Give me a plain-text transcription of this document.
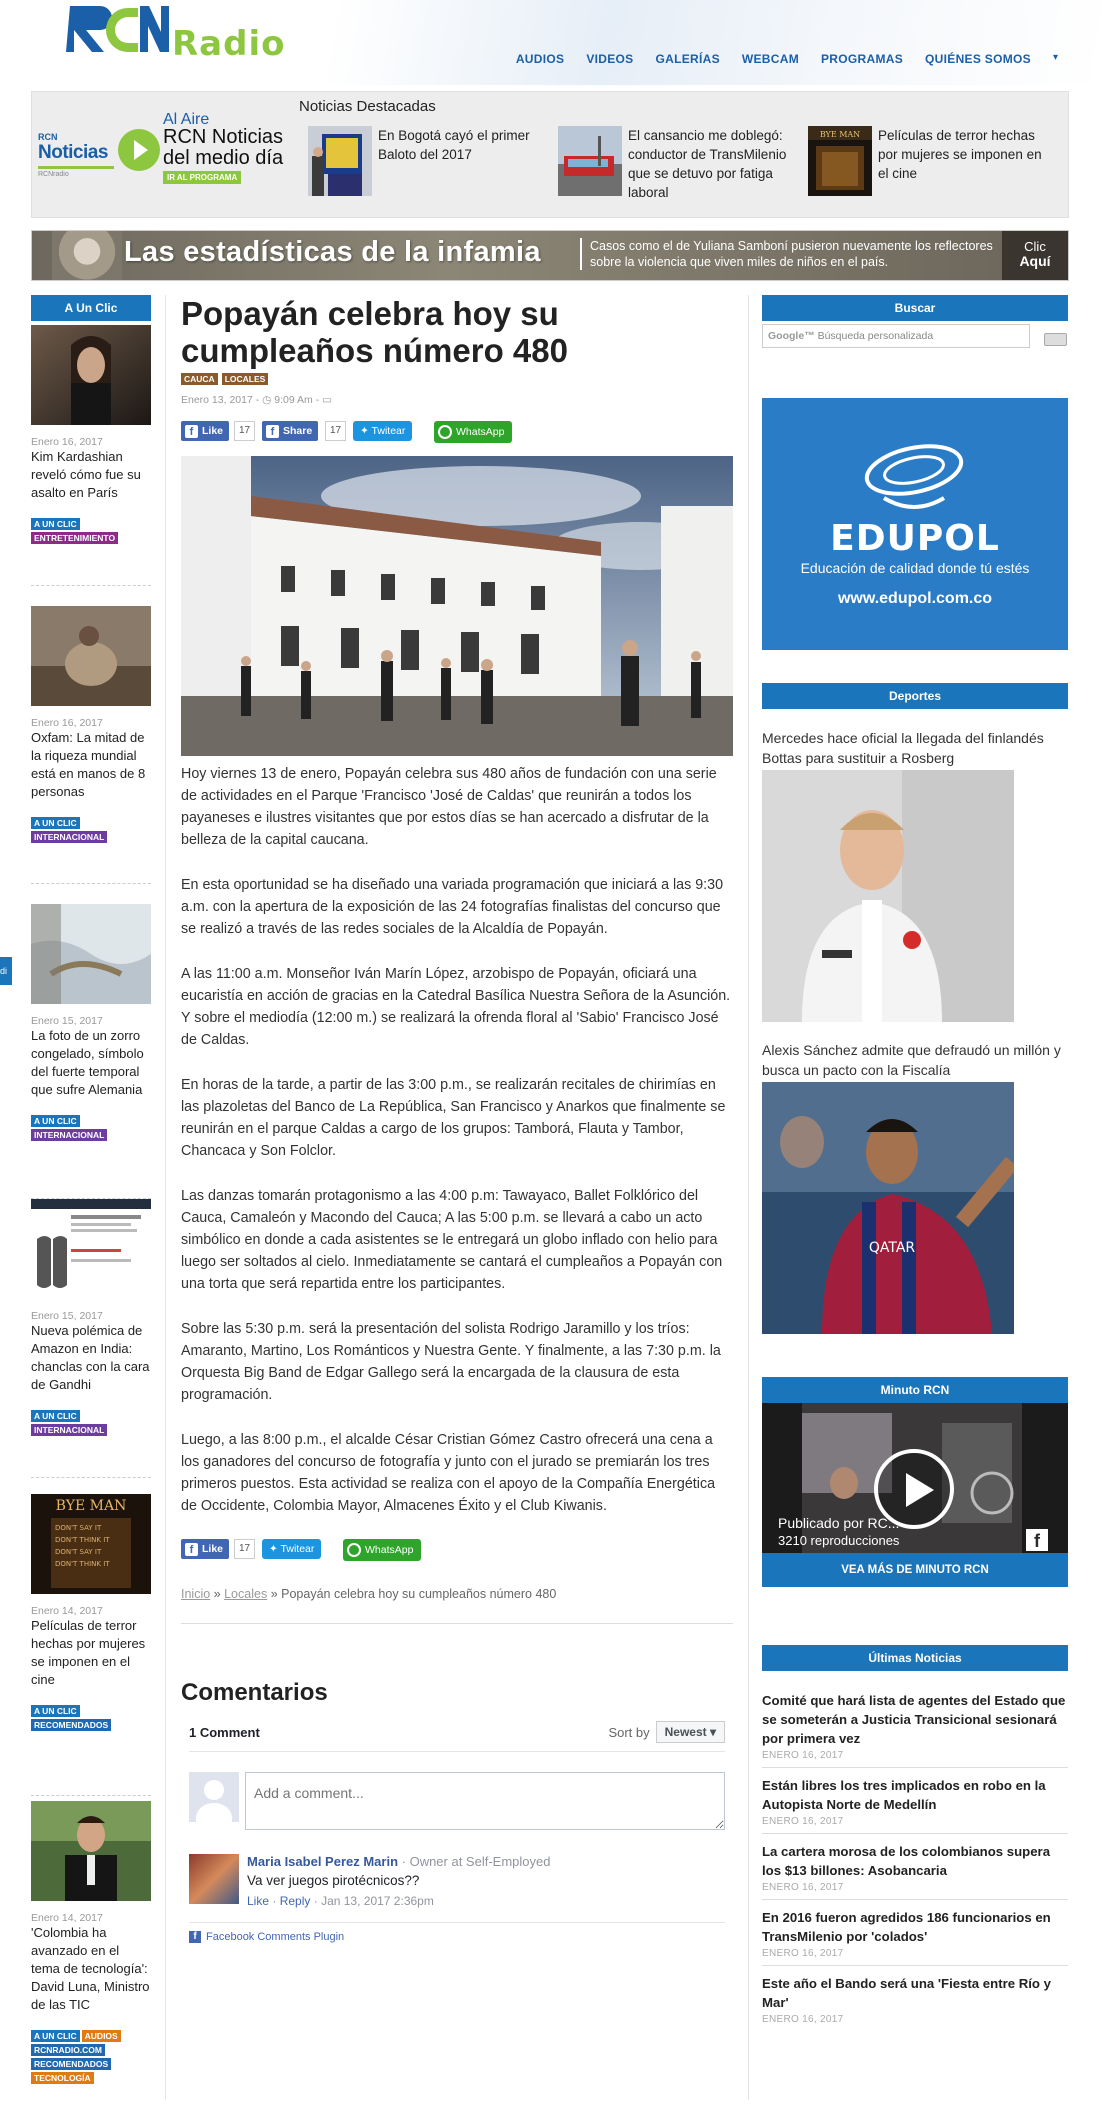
Radio	AUDIOS VIDEOS GALERÍAS WEBCAM PROGRAMAS QUIÉNES SOMOS ▾
RCN
Noticias
RCNradio
Al Aire
RCN Noticias del medio día
IR AL PROGRAMA
Noticias Destacadas
En Bogotá cayó el primer Baloto del 2017
El cansancio me doblegó: conductor de TransMilenio que se detuvo por fatiga laboral
BYE MAN Películas de terror hechas por mujeres se imponen en el cine
Las estadísticas de la infamia	Casos como el de Yuliana Samboní pusieron nuevamente los reflectores sobre la violencia que viven miles de niños en el país.
Clic
Aquí
di
A Un Clic
Enero 16, 2017
Kim Kardashian reveló cómo fue su asalto en París
A UN CLIC
ENTRETENIMIENTO
Enero 16, 2017
Oxfam: La mitad de la riqueza mundial está en manos de 8 personas
A UN CLIC
INTERNACIONAL
Enero 15, 2017
La foto de un zorro congelado, símbolo del fuerte temporal que sufre Alemania
A UN CLIC
INTERNACIONAL
Enero 15, 2017
Nueva polémica de Amazon en India: chanclas con la cara de Gandhi
A UN CLIC
INTERNACIONAL
BYE MAN
DON'T SAY IT
DON'T THINK IT
DON'T SAY IT
DON'T THINK IT
Enero 14, 2017
Películas de terror hechas por mujeres se imponen en el cine
A UN CLIC
RECOMENDADOS
Enero 14, 2017
'Colombia ha avanzado en el tema de tecnología': David Luna, Ministro de las TIC
A UN CLIC AUDIOS
RCNRADIO.COM
RECOMENDADOS
TECNOLOGÍA
Popayán celebra hoy su cumpleaños número 480
CAUCA	LOCALES
Enero 13, 2017 - ◷ 9:09 Am - ▭
f Like	17	f Share	17	✦ Twitear	WhatsApp

Hoy viernes 13 de enero, Popayán celebra sus 480 años de fundación con una serie de actividades en el Parque 'Francisco 'José de Caldas' que reunirán a todos los payaneses e ilustres visitantes que por estos días se han acercado a disfrutar de la belleza de la capital caucana.

En esta oportunidad se ha diseñado una variada programación que iniciará a las 9:30 a.m. con la apertura de la exposición de las 24 fotografías finalistas del concurso que se realizó a través de las redes sociales de la Alcaldía de Popayán.

A las 11:00 a.m. Monseñor Iván Marín López, arzobispo de Popayán, oficiará una eucaristía en acción de gracias en la Catedral Basílica Nuestra Señora de la Asunción. Y sobre el mediodía (12:00 m.) se realizará la ofrenda floral al 'Sabio' Francisco José de Caldas.

En horas de la tarde, a partir de las 3:00 p.m., se realizarán recitales de chirimías en las plazoletas del Banco de La República, San Francisco y Anarkos que finalmente se reunirán en el parque Caldas a cargo de los grupos: Tamborá, Flauta y Tambor, Chancaca y Son Folclor.

Las danzas tomarán protagonismo a las 4:00 p.m: Tawayaco, Ballet Folklórico del Cauca, Camaleón y Macondo del Cauca; A las 5:00 p.m. se llevará a cabo un acto simbólico en donde a cada asistentes se le entregará un globo inflado con helio para luego ser soltados al cielo. Inmediatamente se cantará el cumpleaños a Popayán con una torta que será repartida entre los participantes.

Sobre las 5:30 p.m. será la presentación del solista Rodrigo Jaramillo y los tríos: Amaranto, Martino, Los Románticos y Nuestra Gente. Y finalmente, a las 7:30 p.m. la Orquesta Big Band de Edgar Gallego será la encargada de la clausura de esta programación.

Luego, a las 8:00 p.m., el alcalde César Cristian Gómez Castro ofrecerá una cena a los ganadores del concurso de fotografía y junto con el jurado se premiarán los tres primeros puestos. Esta actividad se realiza con el apoyo de la Compañía Energética de Occidente, Colombia Mayor, Almacenes Éxito y el Club Kiwanis.

f Like	17	✦ Twitear	WhatsApp
Inicio » Locales » Popayán celebra hoy su cumpleaños número 480
Comentarios
1 Comment	Sort by	Newest ▾
Add a comment...
Maria Isabel Perez Marin · Owner at Self-Employed
Va ver juegos pirotécnicos??
Like · Reply · Jan 13, 2017 2:36pm
f Facebook Comments Plugin
Buscar
Google™ Búsqueda personalizada
EDUPOL
Educación de calidad donde tú estés
www.edupol.com.co
Deportes
Mercedes hace oficial la llegada del finlandés Bottas para sustituir a Rosberg
Alexis Sánchez admite que defraudó un millón y busca un pacto con la Fiscalía
QATAR
Minuto RCN
Publicado por RC...
3210 reproducciones	f
VEA MÁS DE MINUTO RCN
Últimas Noticias
Comité que hará lista de agentes del Estado que se someterán a Justicia Transicional sesionará por primera vez
ENERO 16, 2017
Están libres los tres implicados en robo en la Autopista Norte de Medellín
ENERO 16, 2017
La cartera morosa de los colombianos supera los $13 billones: Asobancaria
ENERO 16, 2017
En 2016 fueron agredidos 186 funcionarios en TransMilenio por 'colados'
ENERO 16, 2017
Este año el Bando será una 'Fiesta entre Río y Mar'
ENERO 16, 2017
